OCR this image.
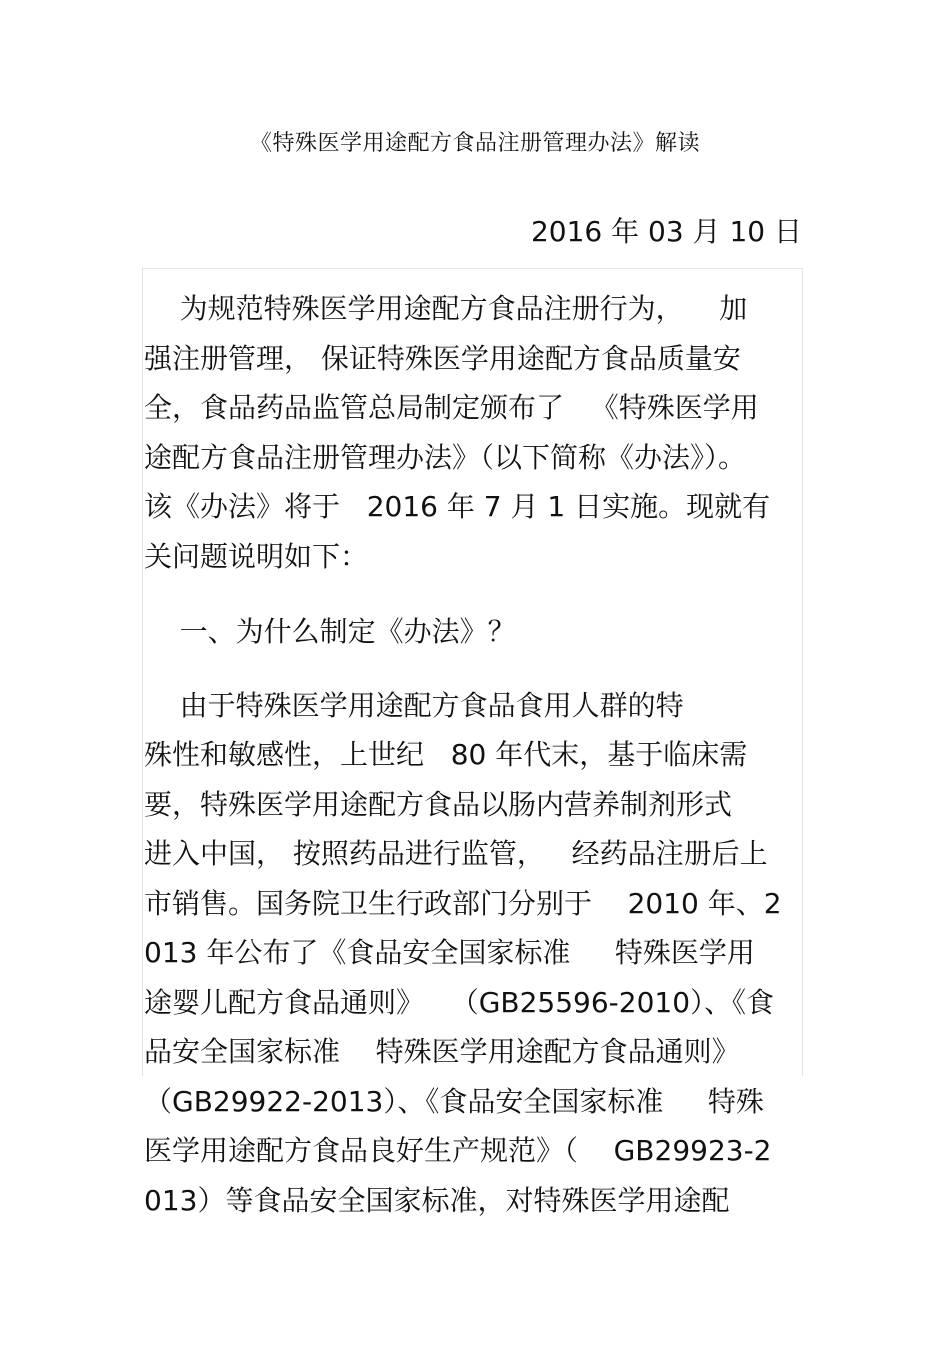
《特殊医学用途配方食品注册管理办法》解读
2016 年 03 月 10 日
为规范特殊医学用途配方食品注册行为，    加
强注册管理， 保证特殊医学用途配方食品质量安
全，食品药品监管总局制定颁布了   《特殊医学用
途配方食品注册管理办法》（以下简称《办法》）。
该《办法》将于   2016 年 7 月 1 日实施。现就有
关问题说明如下：
一、为什么制定《办法》？
由于特殊医学用途配方食品食用人群的特
殊性和敏感性，上世纪   80 年代末，基于临床需
要，特殊医学用途配方食品以肠内营养制剂形式
进入中国， 按照药品进行监管，   经药品注册后上
市销售。国务院卫生行政部门分别于    2010 年、2
013 年公布了《食品安全国家标准     特殊医学用
途婴儿配方食品通则》   （GB25596-2010）、《食
品安全国家标准    特殊医学用途配方食品通则》
（GB29922-2013）、《食品安全国家标准     特殊
医学用途配方食品良好生产规范》（    GB29923-2
013）等食品安全国家标准，对特殊医学用途配
